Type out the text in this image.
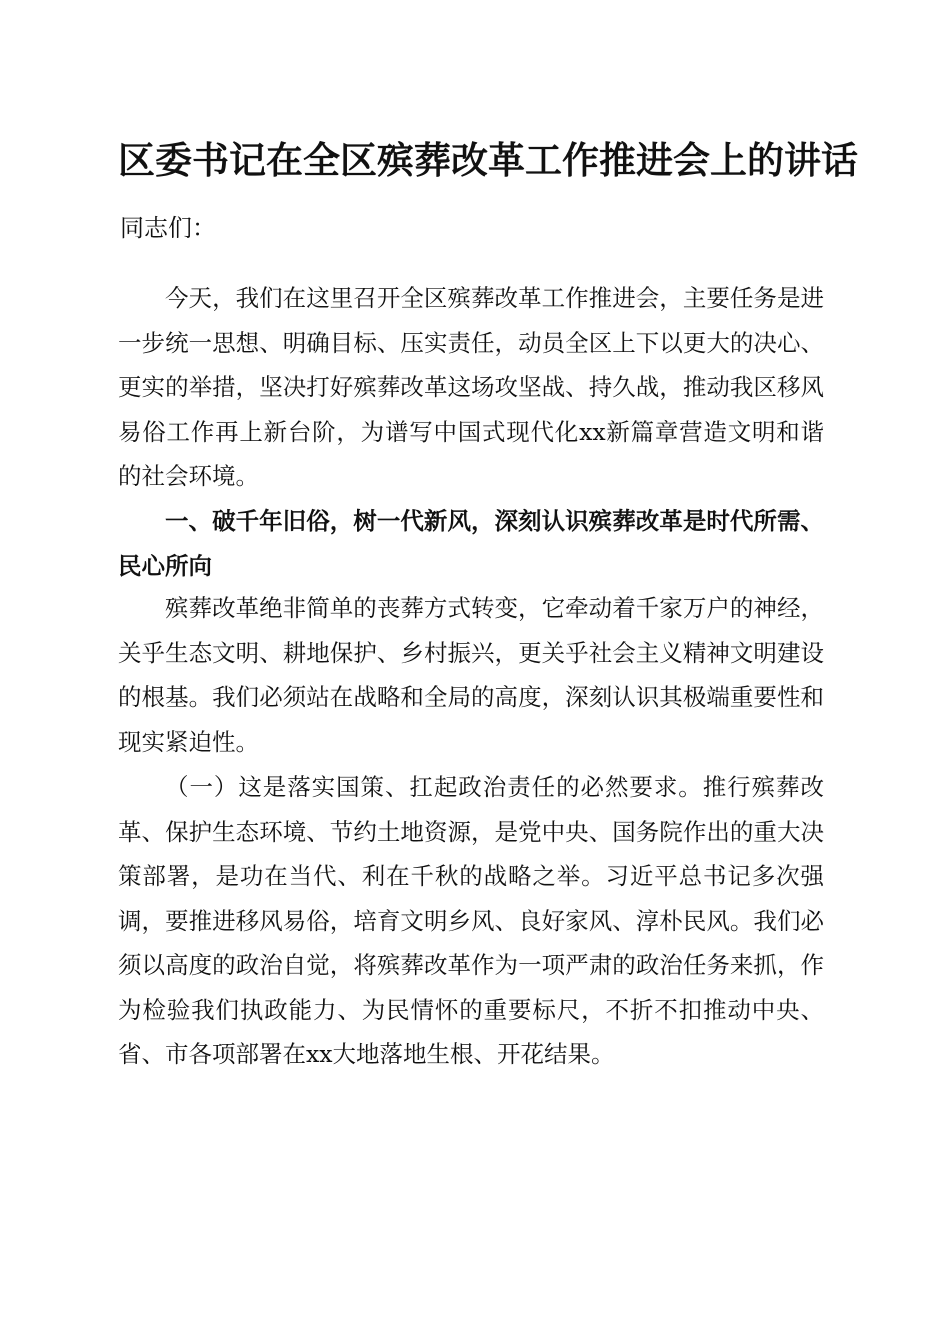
区委书记在全区殡葬改革工作推进会上的讲话

同志们：

今天，我们在这里召开全区殡葬改革工作推进会，主要任务是进一步统一思想、明确目标、压实责任，动员全区上下以更大的决心、更实的举措，坚决打好殡葬改革这场攻坚战、持久战，推动我区移风易俗工作再上新台阶，为谱写中国式现代化xx新篇章营造文明和谐的社会环境。

一、破千年旧俗，树一代新风，深刻认识殡葬改革是时代所需、民心所向

殡葬改革绝非简单的丧葬方式转变，它牵动着千家万户的神经，关乎生态文明、耕地保护、乡村振兴，更关乎社会主义精神文明建设的根基。我们必须站在战略和全局的高度，深刻认识其极端重要性和现实紧迫性。

（一）这是落实国策、扛起政治责任的必然要求。推行殡葬改革、保护生态环境、节约土地资源，是党中央、国务院作出的重大决策部署，是功在当代、利在千秋的战略之举。习近平总书记多次强调，要推进移风易俗，培育文明乡风、良好家风、淳朴民风。我们必须以高度的政治自觉，将殡葬改革作为一项严肃的政治任务来抓，作为检验我们执政能力、为民情怀的重要标尺，不折不扣推动中央、省、市各项部署在xx大地落地生根、开花结果。
